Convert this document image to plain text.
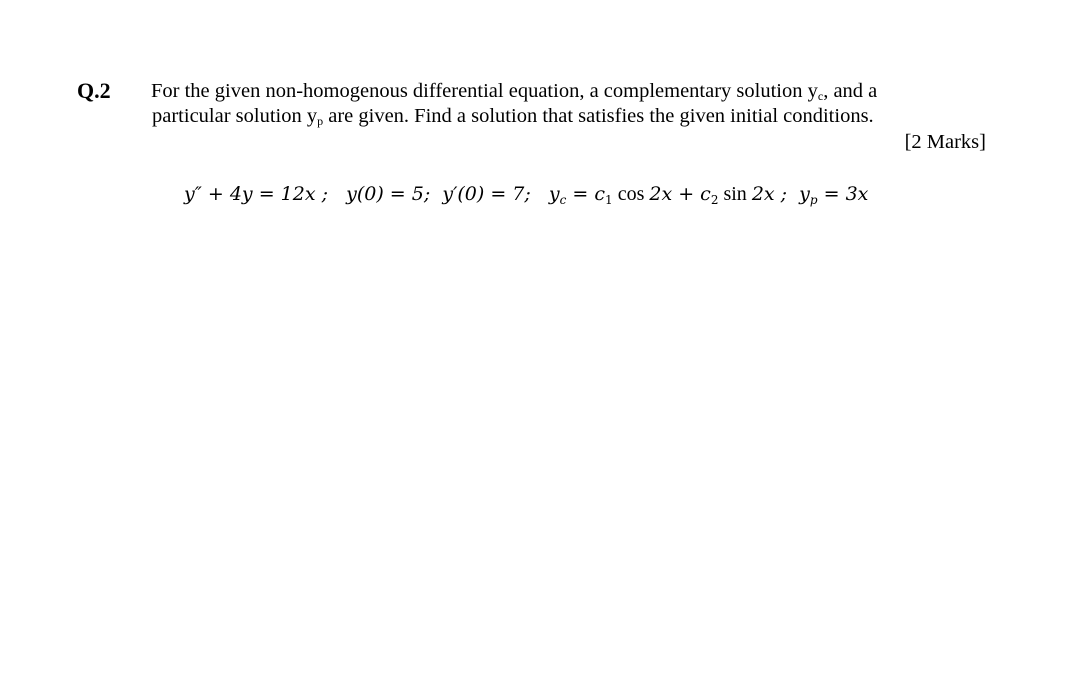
Q.2 For the given non-homogenous differential equation, a complementary solution $y_c$, and a
particular solution $y_p$ are given. Find a solution that satisfies the given initial conditions.
[2 Marks]
y″ + 4y = 12x ; y(0) = 5; y′(0) = 7; $y_c = c_1$ $\cos 2x + c_2$ sin 2x ; $y_p = 3x$
